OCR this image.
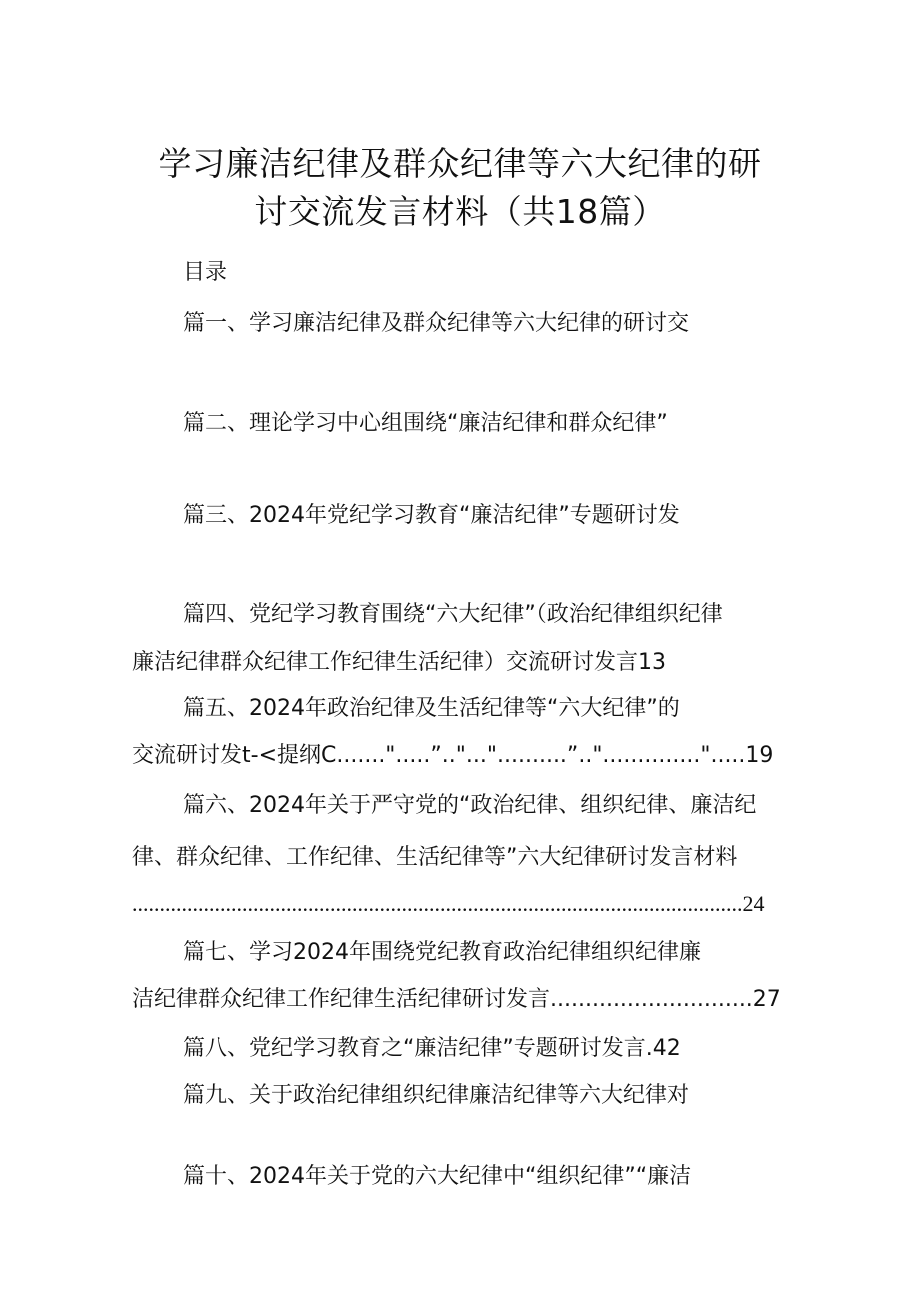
学习廉洁纪律及群众纪律等六大纪律的研
讨交流发言材料（共18篇）
目录
篇一、学习廉洁纪律及群众纪律等六大纪律的研讨交
篇二、理论学习中心组围绕“廉洁纪律和群众纪律”
篇三、2024年党纪学习教育“廉洁纪律”专题研讨发
篇四、党纪学习教育围绕“六大纪律”（政治纪律组织纪律
廉洁纪律群众纪律工作纪律生活纪律）交流研讨发言13
篇五、2024年政治纪律及生活纪律等“六大纪律”的
交流研讨发t-<提纲C.......".....”.."..."..........”.."..............".....19
篇六、2024年关于严守党的“政治纪律、组织纪律、廉洁纪
律、群众纪律、工作纪律、生活纪律等”六大纪律研讨发言材料
...............................................................................................................24
篇七、学习2024年围绕党纪教育政治纪律组织纪律廉
洁纪律群众纪律工作纪律生活纪律研讨发言.............................27
篇八、党纪学习教育之“廉洁纪律”专题研讨发言.42
篇九、关于政治纪律组织纪律廉洁纪律等六大纪律对
篇十、2024年关于党的六大纪律中“组织纪律”“廉洁
